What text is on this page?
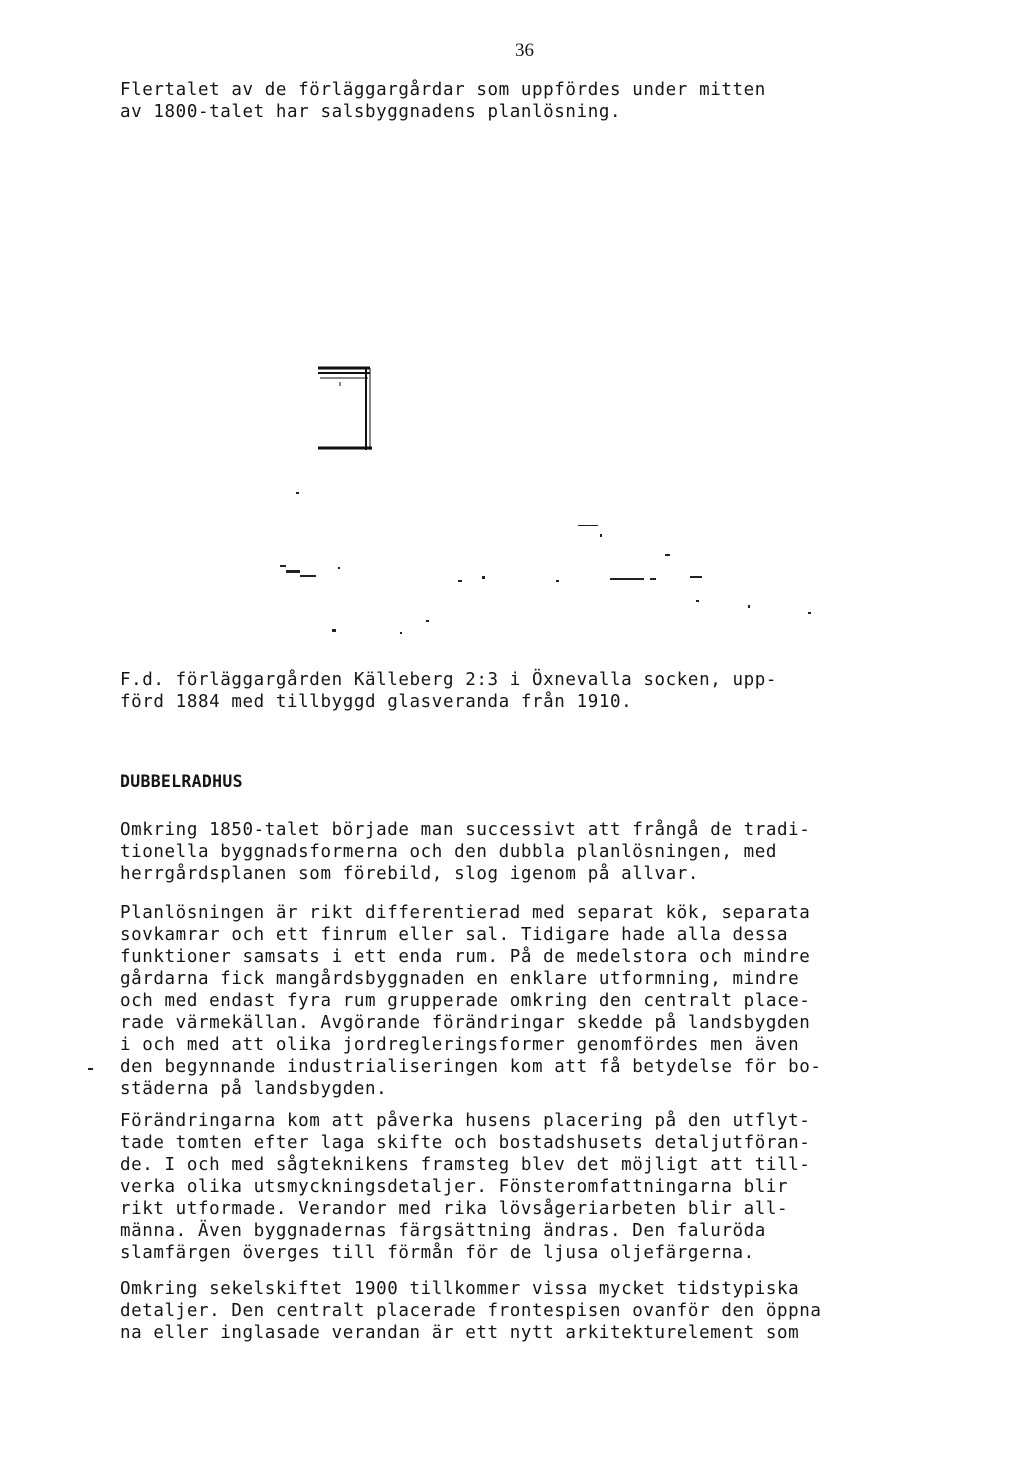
36

Flertalet av de förläggargårdar som uppfördes under mitten
av 1800-talet har salsbyggnadens planlösning.

F.d. förläggargården Källeberg 2:3 i Öxnevalla socken, upp-
förd 1884 med tillbyggd glasveranda från 1910.

DUBBELRADHUS

Omkring 1850-talet började man successivt att frångå de tradi-
tionella byggnadsformerna och den dubbla planlösningen, med
herrgårdsplanen som förebild, slog igenom på allvar.

Planlösningen är rikt differentierad med separat kök, separata
sovkamrar och ett finrum eller sal. Tidigare hade alla dessa
funktioner samsats i ett enda rum. På de medelstora och mindre
gårdarna fick mangårdsbyggnaden en enklare utformning, mindre
och med endast fyra rum grupperade omkring den centralt place-
rade värmekällan. Avgörande förändringar skedde på landsbygden
i och med att olika jordregleringsformer genomfördes men även
den begynnande industrialiseringen kom att få betydelse för bo-
städerna på landsbygden.

Förändringarna kom att påverka husens placering på den utflyt-
tade tomten efter laga skifte och bostadshusets detaljutföran-
de. I och med sågteknikens framsteg blev det möjligt att till-
verka olika utsmyckningsdetaljer. Fönsteromfattningarna blir
rikt utformade. Verandor med rika lövsågeriarbeten blir all-
männa. Även byggnadernas färgsättning ändras. Den faluröda
slamfärgen överges till förmån för de ljusa oljefärgerna.

Omkring sekelskiftet 1900 tillkommer vissa mycket tidstypiska
detaljer. Den centralt placerade frontespisen ovanför den öppna
na eller inglasade verandan är ett nytt arkitekturelement som
